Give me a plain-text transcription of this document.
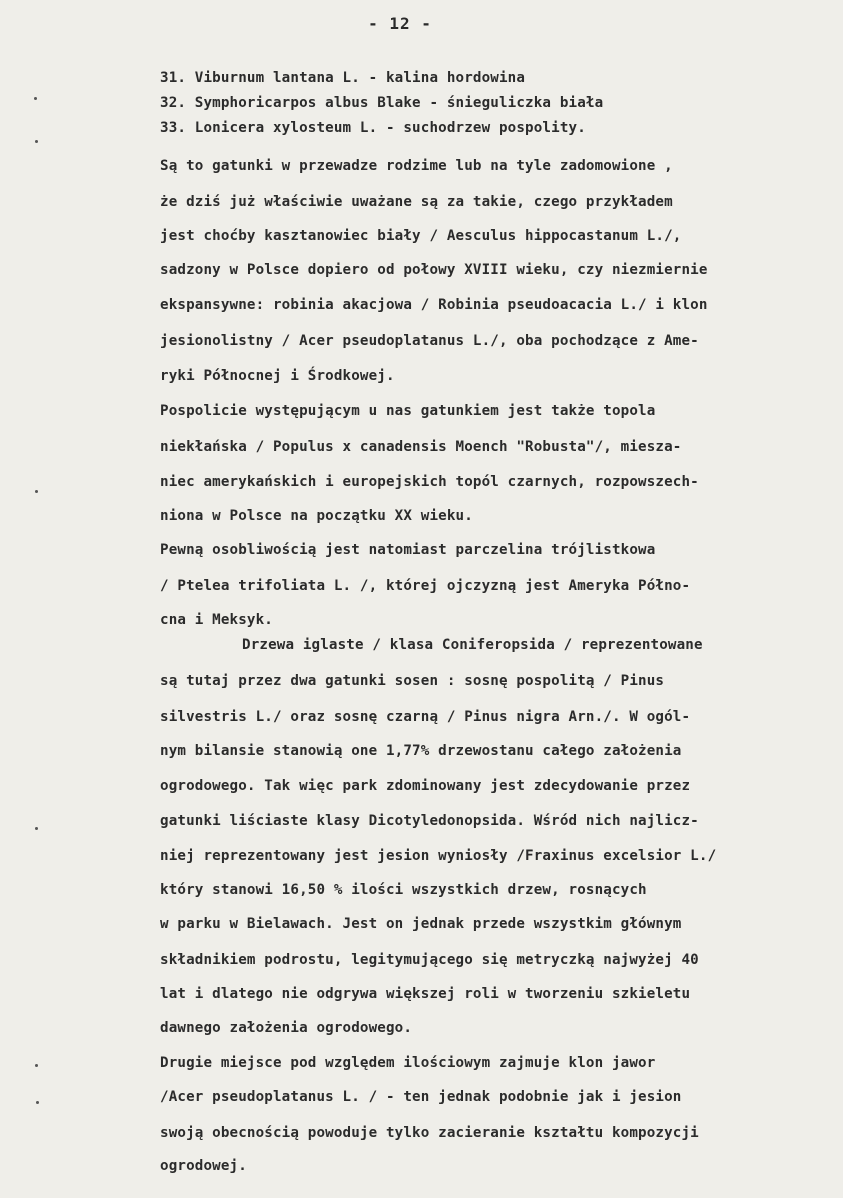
- 12 -
31. Viburnum lantana L. - kalina hordowina
32. Symphoricarpos albus Blake - śnieguliczka biała
33. Lonicera xylosteum L. - suchodrzew pospolity.
Są to gatunki w przewadze rodzime lub na tyle zadomowione ,
że dziś już właściwie uważane są za takie, czego przykładem
jest choćby kasztanowiec biały / Aesculus hippocastanum L./,
sadzony w Polsce dopiero od połowy XVIII wieku, czy niezmiernie
ekspansywne: robinia akacjowa / Robinia pseudoacacia L./ i klon
jesionolistny / Acer pseudoplatanus L./, oba pochodzące z Ame-
ryki Północnej i Środkowej.
Pospolicie występującym u nas gatunkiem jest także topola
niekłańska / Populus x canadensis Moench "Robusta"/, miesza-
niec amerykańskich i europejskich topól czarnych, rozpowszech-
niona w Polsce na początku XX wieku.
Pewną osobliwością jest natomiast parczelina trójlistkowa
/ Ptelea trifoliata L. /, której ojczyzną jest Ameryka Półno-
cna i Meksyk.
Drzewa iglaste / klasa Coniferopsida / reprezentowane
są tutaj przez dwa gatunki sosen : sosnę pospolitą / Pinus
silvestris L./ oraz sosnę czarną / Pinus nigra Arn./. W ogól-
nym bilansie stanowią one 1,77% drzewostanu całego założenia
ogrodowego. Tak więc park zdominowany jest zdecydowanie przez
gatunki liściaste klasy Dicotyledonopsida. Wśród nich najlicz-
niej reprezentowany jest jesion wyniosły /Fraxinus excelsior L./
który stanowi 16,50 % ilości wszystkich drzew, rosnących
w parku w Bielawach. Jest on jednak przede wszystkim głównym
składnikiem podrostu, legitymującego się metryczką najwyżej 40
lat i dlatego nie odgrywa większej roli w tworzeniu szkieletu
dawnego założenia ogrodowego.
Drugie miejsce pod względem ilościowym zajmuje klon jawor
/Acer pseudoplatanus L. / - ten jednak podobnie jak i jesion
swoją obecnością powoduje tylko zacieranie kształtu kompozycji
ogrodowej.
